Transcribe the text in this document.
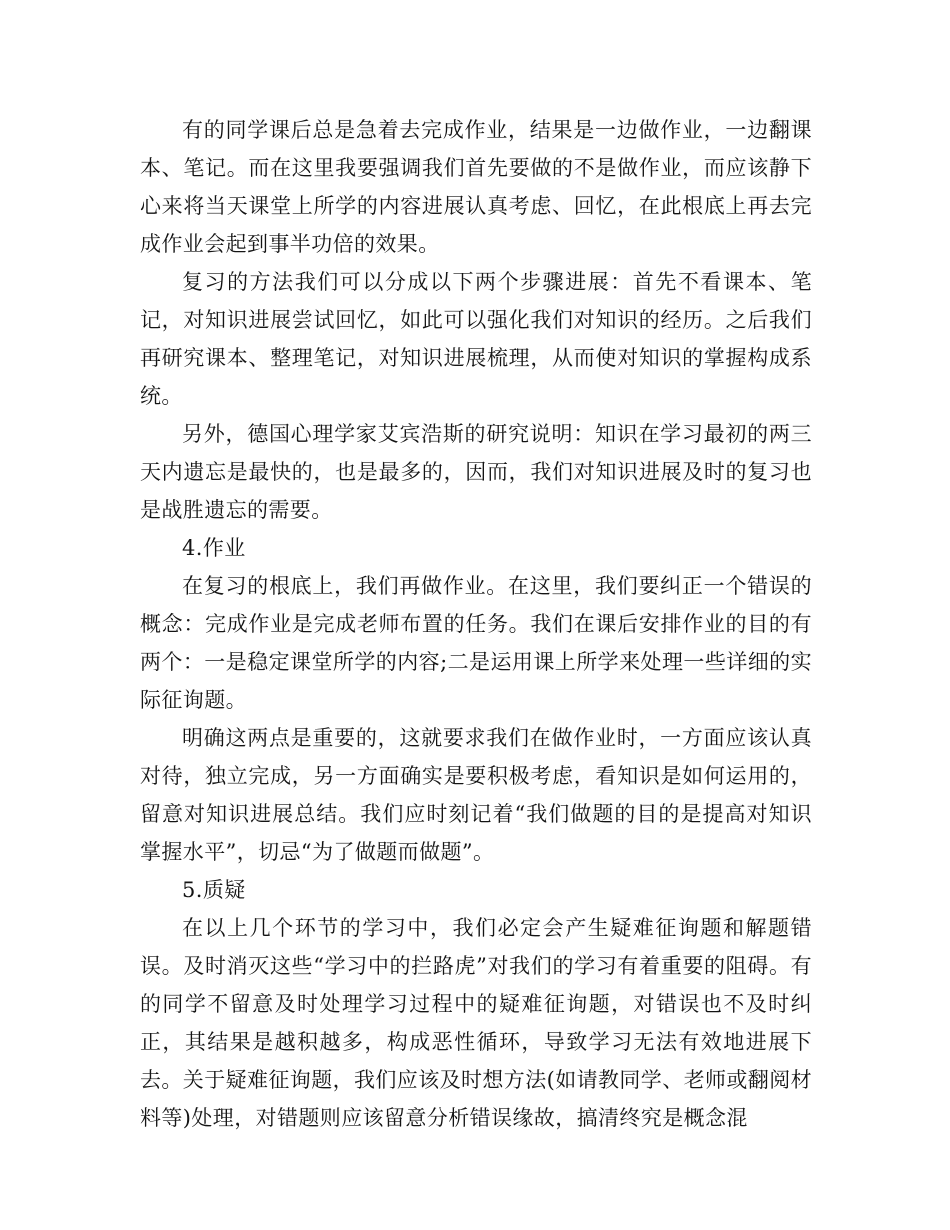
有的同学课后总是急着去完成作业，结果是一边做作业，一边翻课本、笔记。而在这里我要强调我们首先要做的不是做作业，而应该静下心来将当天课堂上所学的内容进展认真考虑、回忆，在此根底上再去完成作业会起到事半功倍的效果。

复习的方法我们可以分成以下两个步骤进展：首先不看课本、笔记，对知识进展尝试回忆，如此可以强化我们对知识的经历。之后我们再研究课本、整理笔记，对知识进展梳理，从而使对知识的掌握构成系统。

另外，德国心理学家艾宾浩斯的研究说明：知识在学习最初的两三天内遗忘是最快的，也是最多的，因而，我们对知识进展及时的复习也是战胜遗忘的需要。

4.作业

在复习的根底上，我们再做作业。在这里，我们要纠正一个错误的概念：完成作业是完成老师布置的任务。我们在课后安排作业的目的有两个：一是稳定课堂所学的内容;二是运用课上所学来处理一些详细的实际征询题。

明确这两点是重要的，这就要求我们在做作业时，一方面应该认真对待，独立完成，另一方面确实是要积极考虑，看知识是如何运用的，留意对知识进展总结。我们应时刻记着“我们做题的目的是提高对知识掌握水平”，切忌“为了做题而做题”。

5.质疑

在以上几个环节的学习中，我们必定会产生疑难征询题和解题错误。及时消灭这些“学习中的拦路虎”对我们的学习有着重要的阻碍。有的同学不留意及时处理学习过程中的疑难征询题，对错误也不及时纠正，其结果是越积越多，构成恶性循环，导致学习无法有效地进展下去。关于疑难征询题，我们应该及时想方法(如请教同学、老师或翻阅材料等)处理，对错题则应该留意分析错误缘故，搞清终究是概念混
